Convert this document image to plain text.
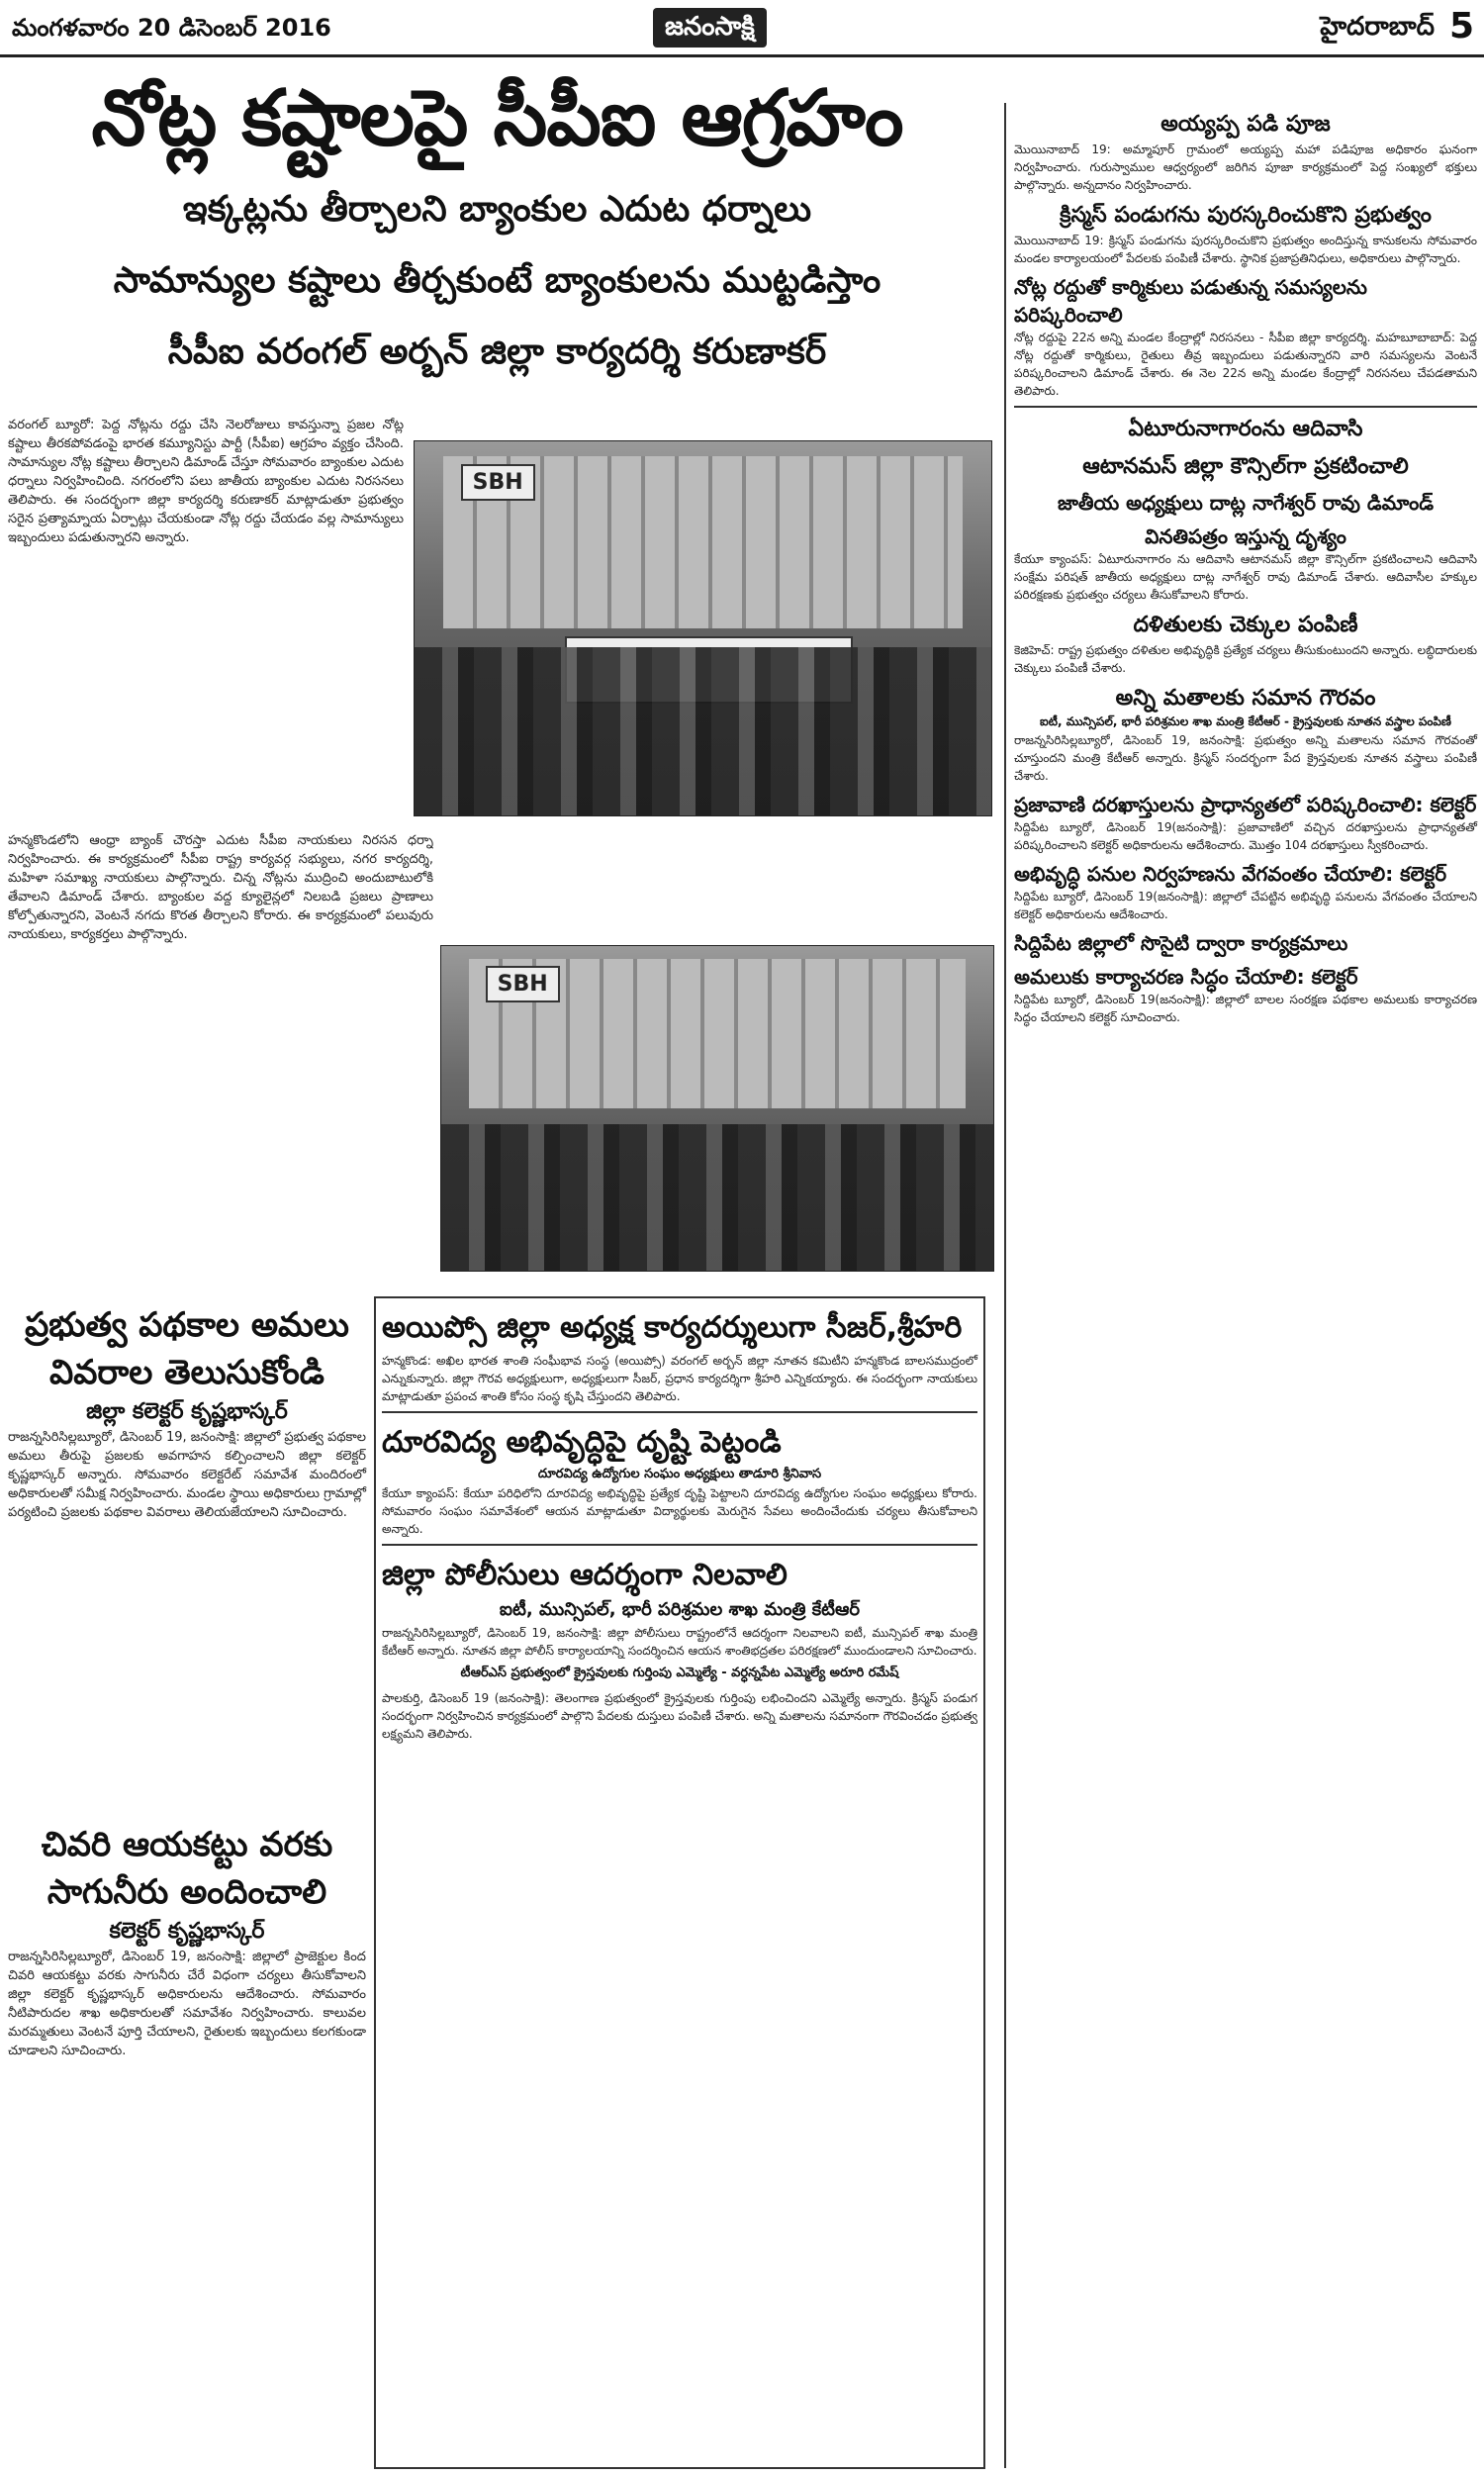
మంగళవారం 20 డిసెంబర్ 2016	జనంసాక్షి	హైదరాబాద్ 5
నోట్ల కష్టాలపై సీపీఐ ఆగ్రహం
ఇక్కట్లను తీర్చాలని బ్యాంకుల ఎదుట ధర్నాలు
సామాన్యుల కష్టాలు తీర్చకుంటే బ్యాంకులను ముట్టడిస్తాం
సీపీఐ వరంగల్ అర్బన్ జిల్లా కార్యదర్శి కరుణాకర్
వరంగల్ బ్యూరో: పెద్ద నోట్లను రద్దు చేసి నెలరోజులు కావస్తున్నా ప్రజల నోట్ల కష్టాలు తీరకపోవడంపై భారత కమ్యూనిస్టు పార్టీ (సీపీఐ) ఆగ్రహం వ్యక్తం చేసింది. సామాన్యుల నోట్ల కష్టాలు తీర్చాలని డిమాండ్ చేస్తూ సోమవారం బ్యాంకుల ఎదుట ధర్నాలు నిర్వహించింది. నగరంలోని పలు జాతీయ బ్యాంకుల ఎదుట నిరసనలు తెలిపారు. ఈ సందర్భంగా జిల్లా కార్యదర్శి కరుణాకర్ మాట్లాడుతూ ప్రభుత్వం సరైన ప్రత్యామ్నాయ ఏర్పాట్లు చేయకుండా నోట్ల రద్దు చేయడం వల్ల సామాన్యులు ఇబ్బందులు పడుతున్నారని అన్నారు.
SBH
SBH
హన్మకొండలోని ఆంధ్రా బ్యాంక్ చౌరస్తా ఎదుట సీపీఐ నాయకులు నిరసన ధర్నా నిర్వహించారు. ఈ కార్యక్రమంలో సీపీఐ రాష్ట్ర కార్యవర్గ సభ్యులు, నగర కార్యదర్శి, మహిళా సమాఖ్య నాయకులు పాల్గొన్నారు. చిన్న నోట్లను ముద్రించి అందుబాటులోకి తేవాలని డిమాండ్ చేశారు. బ్యాంకుల వద్ద క్యూలైన్లలో నిలబడి ప్రజలు ప్రాణాలు కోల్పోతున్నారని, వెంటనే నగదు కొరత తీర్చాలని కోరారు. ఈ కార్యక్రమంలో పలువురు నాయకులు, కార్యకర్తలు పాల్గొన్నారు.
ప్రభుత్వ పథకాల అమలు
వివరాల తెలుసుకోండి
జిల్లా కలెక్టర్ కృష్ణభాస్కర్
రాజన్నసిరిసిల్లబ్యూరో, డిసెంబర్ 19, జనంసాక్షి: జిల్లాలో ప్రభుత్వ పథకాల అమలు తీరుపై ప్రజలకు అవగాహన కల్పించాలని జిల్లా కలెక్టర్ కృష్ణభాస్కర్ అన్నారు. సోమవారం కలెక్టరేట్ సమావేశ మందిరంలో అధికారులతో సమీక్ష నిర్వహించారు. మండల స్థాయి అధికారులు గ్రామాల్లో పర్యటించి ప్రజలకు పథకాల వివరాలు తెలియజేయాలని సూచించారు.
చివరి ఆయకట్టు వరకు
సాగునీరు అందించాలి
కలెక్టర్ కృష్ణభాస్కర్
రాజన్నసిరిసిల్లబ్యూరో, డిసెంబర్ 19, జనంసాక్షి: జిల్లాలో ప్రాజెక్టుల కింద చివరి ఆయకట్టు వరకు సాగునీరు చేరే విధంగా చర్యలు తీసుకోవాలని జిల్లా కలెక్టర్ కృష్ణభాస్కర్ అధికారులను ఆదేశించారు. సోమవారం నీటిపారుదల శాఖ అధికారులతో సమావేశం నిర్వహించారు. కాలువల మరమ్మతులు వెంటనే పూర్తి చేయాలని, రైతులకు ఇబ్బందులు కలగకుండా చూడాలని సూచించారు.
అయిప్సో జిల్లా అధ్యక్ష కార్యదర్శులుగా సీజర్,శ్రీహరి
హన్మకొండ: అఖిల భారత శాంతి సంఘీభావ సంస్థ (అయిప్సో) వరంగల్ అర్బన్ జిల్లా నూతన కమిటీని హన్మకొండ బాలసముద్రంలో ఎన్నుకున్నారు. జిల్లా గౌరవ అధ్యక్షులుగా, అధ్యక్షులుగా సీజర్, ప్రధాన కార్యదర్శిగా శ్రీహరి ఎన్నికయ్యారు. ఈ సందర్భంగా నాయకులు మాట్లాడుతూ ప్రపంచ శాంతి కోసం సంస్థ కృషి చేస్తుందని తెలిపారు.
దూరవిద్య అభివృద్ధిపై దృష్టి పెట్టండి
దూరవిద్య ఉద్యోగుల సంఘం అధ్యక్షులు తాడూరి శ్రీనివాస
కేయూ క్యాంపస్: కేయూ పరిధిలోని దూరవిద్య అభివృద్ధిపై ప్రత్యేక దృష్టి పెట్టాలని దూరవిద్య ఉద్యోగుల సంఘం అధ్యక్షులు కోరారు. సోమవారం సంఘం సమావేశంలో ఆయన మాట్లాడుతూ విద్యార్థులకు మెరుగైన సేవలు అందించేందుకు చర్యలు తీసుకోవాలని అన్నారు.
జిల్లా పోలీసులు ఆదర్శంగా నిలవాలి
ఐటీ, మున్సిపల్, భారీ పరిశ్రమల శాఖ మంత్రి కేటీఆర్
రాజన్నసిరిసిల్లబ్యూరో, డిసెంబర్ 19, జనంసాక్షి: జిల్లా పోలీసులు రాష్ట్రంలోనే ఆదర్శంగా నిలవాలని ఐటీ, మున్సిపల్ శాఖ మంత్రి కేటీఆర్ అన్నారు. నూతన జిల్లా పోలీస్ కార్యాలయాన్ని సందర్శించిన ఆయన శాంతిభద్రతల పరిరక్షణలో ముందుండాలని సూచించారు.
టీఆర్ఎస్ ప్రభుత్వంలో క్రైస్తవులకు గుర్తింపు ఎమ్మెల్యే - వర్ధన్నపేట ఎమ్మెల్యే అరూరి రమేష్
పాలకుర్తి, డిసెంబర్ 19 (జనంసాక్షి): తెలంగాణ ప్రభుత్వంలో క్రైస్తవులకు గుర్తింపు లభించిందని ఎమ్మెల్యే అన్నారు. క్రిస్మస్ పండుగ సందర్భంగా నిర్వహించిన కార్యక్రమంలో పాల్గొని పేదలకు దుస్తులు పంపిణీ చేశారు. అన్ని మతాలను సమానంగా గౌరవించడం ప్రభుత్వ లక్ష్యమని తెలిపారు.
అయ్యప్ప పడి పూజ
మొయినాబాద్ 19: అమ్మాపూర్ గ్రామంలో అయ్యప్ప మహా పడిపూజ అధికారం ఘనంగా నిర్వహించారు. గురుస్వాముల ఆధ్వర్యంలో జరిగిన పూజా కార్యక్రమంలో పెద్ద సంఖ్యలో భక్తులు పాల్గొన్నారు. అన్నదానం నిర్వహించారు.
క్రిస్మస్ పండుగను పురస్కరించుకొని ప్రభుత్వం
మొయినాబాద్ 19: క్రిస్మస్ పండుగను పురస్కరించుకొని ప్రభుత్వం అందిస్తున్న కానుకలను సోమవారం మండల కార్యాలయంలో పేదలకు పంపిణీ చేశారు. స్థానిక ప్రజాప్రతినిధులు, అధికారులు పాల్గొన్నారు.
నోట్ల రద్దుతో కార్మికులు పడుతున్న సమస్యలను పరిష్కరించాలి
నోట్ల రద్దుపై 22న అన్ని మండల కేంద్రాల్లో నిరసనలు - సీపీఐ జిల్లా కార్యదర్శి. మహబూబాబాద్: పెద్ద నోట్ల రద్దుతో కార్మికులు, రైతులు తీవ్ర ఇబ్బందులు పడుతున్నారని వారి సమస్యలను వెంటనే పరిష్కరించాలని డిమాండ్ చేశారు. ఈ నెల 22న అన్ని మండల కేంద్రాల్లో నిరసనలు చేపడతామని తెలిపారు.
ఏటూరునాగారంను ఆదివాసి
ఆటానమస్ జిల్లా కౌన్సిల్‌గా ప్రకటించాలి
జాతీయ అధ్యక్షులు దాట్ల నాగేశ్వర్ రావు డిమాండ్
వినతిపత్రం ఇస్తున్న దృశ్యం
కేయూ క్యాంపస్: ఏటూరునాగారం ను ఆదివాసి ఆటానమస్ జిల్లా కౌన్సిల్‌గా ప్రకటించాలని ఆదివాసి సంక్షేమ పరిషత్ జాతీయ అధ్యక్షులు దాట్ల నాగేశ్వర్ రావు డిమాండ్ చేశారు. ఆదివాసీల హక్కుల పరిరక్షణకు ప్రభుత్వం చర్యలు తీసుకోవాలని కోరారు.
దళితులకు చెక్కుల పంపిణీ
కెజిహెచ్: రాష్ట్ర ప్రభుత్వం దళితుల అభివృద్ధికి ప్రత్యేక చర్యలు తీసుకుంటుందని అన్నారు. లబ్ధిదారులకు చెక్కులు పంపిణీ చేశారు.
అన్ని మతాలకు సమాన గౌరవం
ఐటీ, మున్సిపల్, భారీ పరిశ్రమల శాఖ మంత్రి కేటీఆర్ - క్రైస్తవులకు నూతన వస్త్రాల పంపిణీ
రాజన్నసిరిసిల్లబ్యూరో, డిసెంబర్ 19, జనంసాక్షి: ప్రభుత్వం అన్ని మతాలను సమాన గౌరవంతో చూస్తుందని మంత్రి కేటీఆర్ అన్నారు. క్రిస్మస్ సందర్భంగా పేద క్రైస్తవులకు నూతన వస్త్రాలు పంపిణీ చేశారు.
ప్రజావాణి దరఖాస్తులను ప్రాధాన్యతలో పరిష్కరించాలి: కలెక్టర్
సిద్దిపేట బ్యూరో, డిసెంబర్ 19(జనంసాక్షి): ప్రజావాణిలో వచ్చిన దరఖాస్తులను ప్రాధాన్యతతో పరిష్కరించాలని కలెక్టర్ అధికారులను ఆదేశించారు. మొత్తం 104 దరఖాస్తులు స్వీకరించారు.
అభివృద్ధి పనుల నిర్వహణను వేగవంతం చేయాలి: కలెక్టర్
సిద్దిపేట బ్యూరో, డిసెంబర్ 19(జనంసాక్షి): జిల్లాలో చేపట్టిన అభివృద్ధి పనులను వేగవంతం చేయాలని కలెక్టర్ అధికారులను ఆదేశించారు.
సిద్దిపేట జిల్లాలో సొసైటి ద్వారా కార్యక్రమాలు
అమలుకు కార్యాచరణ సిద్ధం చేయాలి: కలెక్టర్
సిద్దిపేట బ్యూరో, డిసెంబర్ 19(జనంసాక్షి): జిల్లాలో బాలల సంరక్షణ పథకాల అమలుకు కార్యాచరణ సిద్ధం చేయాలని కలెక్టర్ సూచించారు.
